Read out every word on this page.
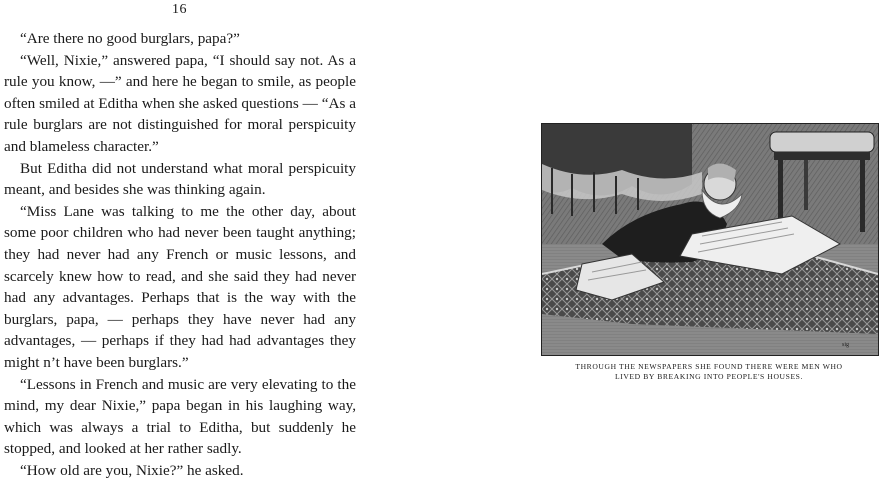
16

“Are there no good burglars, papa?”

“Well, Nixie,” answered papa, “I should say not. As a rule you know, —” and here he began to smile, as people often smiled at Editha when she asked questions — “As a rule burglars are not distinguished for moral perspicuity and blameless character.”

But Editha did not understand what moral perspicuity meant, and besides she was thinking again.

“Miss Lane was talking to me the other day, about some poor children who had never been taught anything; they had never had any French or music lessons, and scarcely knew how to read, and she said they had never had any advantages. Perhaps that is the way with the burglars, papa, — perhaps they have never had any advantages, — perhaps if they had had advantages they might n’t have been burglars.”

“Lessons in French and music are very elevating to the mind, my dear Nixie,” papa began in his laughing way, which was always a trial to Editha, but suddenly he stopped, and looked at her rather sadly.

“How old are you, Nixie?” he asked.

sig
THROUGH THE NEWSPAPERS SHE FOUND THERE WERE MEN WHO
LIVED BY BREAKING INTO PEOPLE'S HOUSES.
